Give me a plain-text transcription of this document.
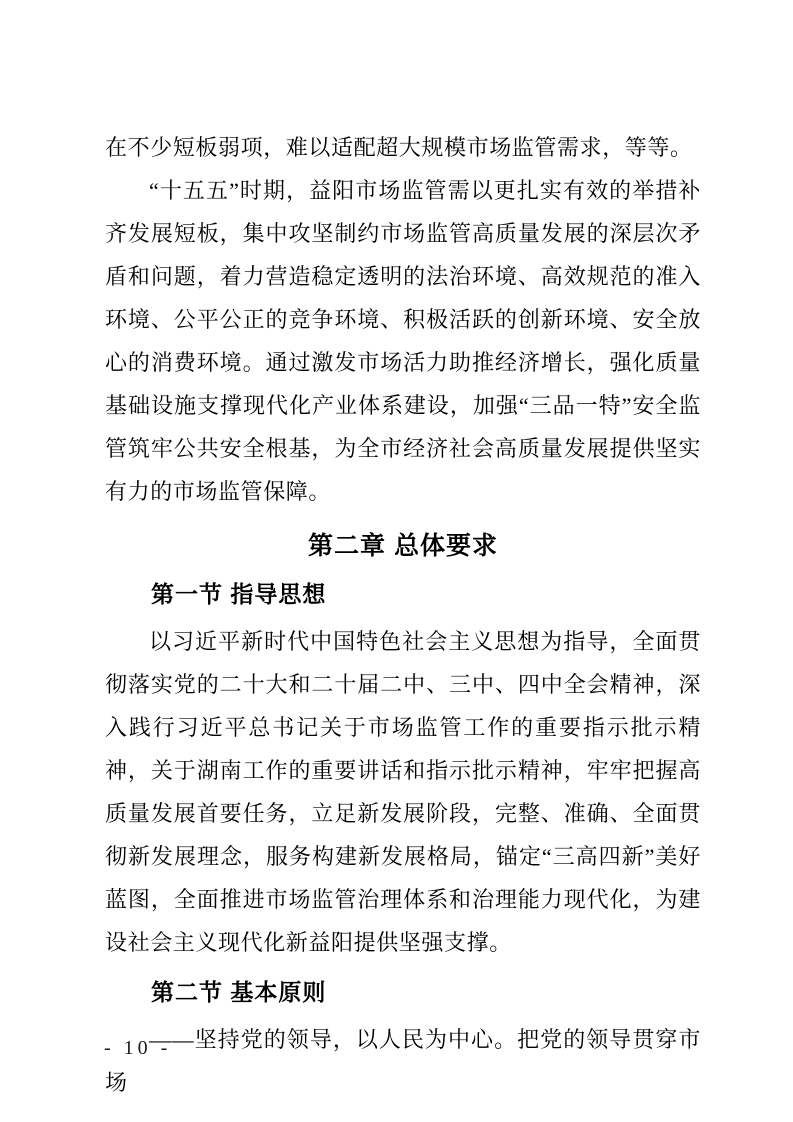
在不少短板弱项，难以适配超大规模市场监管需求，等等。

“十五五”时期，益阳市场监管需以更扎实有效的举措补齐发展短板，集中攻坚制约市场监管高质量发展的深层次矛盾和问题，着力营造稳定透明的法治环境、高效规范的准入环境、公平公正的竞争环境、积极活跃的创新环境、安全放心的消费环境。通过激发市场活力助推经济增长，强化质量基础设施支撑现代化产业体系建设，加强“三品一特”安全监管筑牢公共安全根基，为全市经济社会高质量发展提供坚实有力的市场监管保障。

第二章 总体要求
第一节 指导思想

以习近平新时代中国特色社会主义思想为指导，全面贯彻落实党的二十大和二十届二中、三中、四中全会精神，深入践行习近平总书记关于市场监管工作的重要指示批示精神，关于湖南工作的重要讲话和指示批示精神，牢牢把握高质量发展首要任务，立足新发展阶段，完整、准确、全面贯彻新发展理念，服务构建新发展格局，锚定“三高四新”美好蓝图，全面推进市场监管治理体系和治理能力现代化，为建设社会主义现代化新益阳提供坚强支撑。

第二节 基本原则

——坚持党的领导，以人民为中心。把党的领导贯穿市场

- 10 -
